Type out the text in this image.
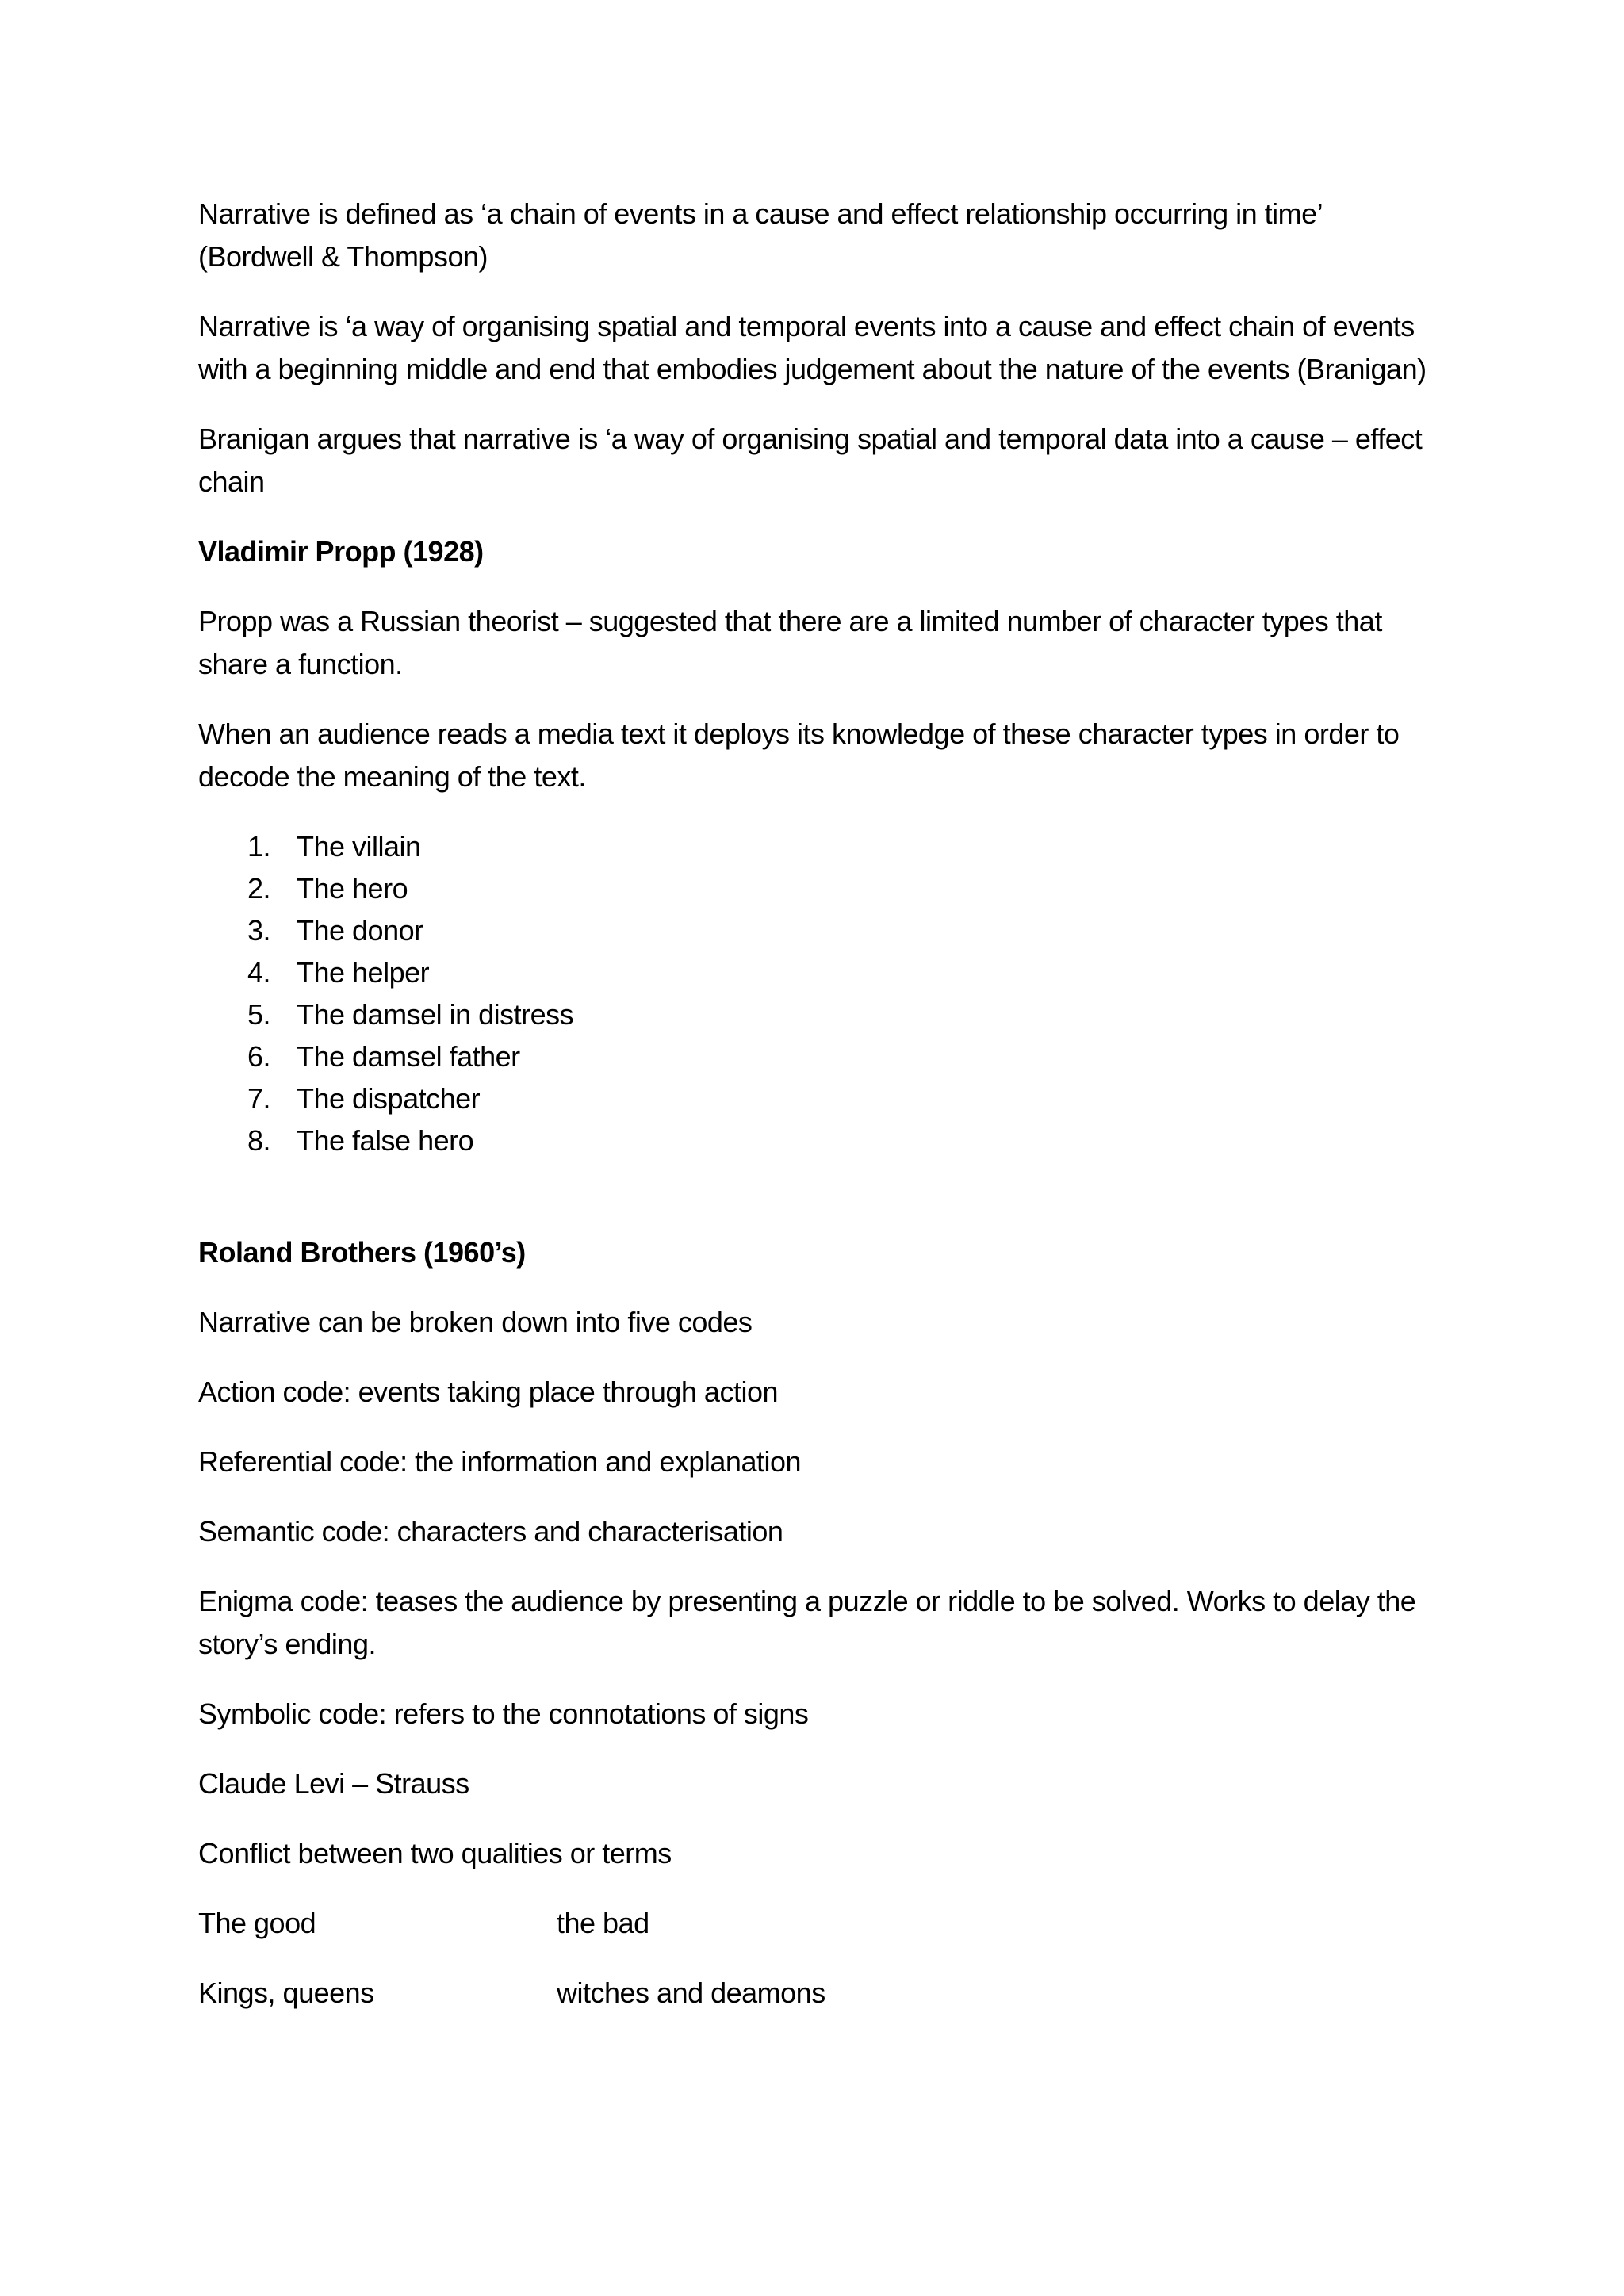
Narrative is defined as ‘a chain of events in a cause and effect relationship occurring in time’ (Bordwell & Thompson)

Narrative is ‘a way of organising spatial and temporal events into a cause and effect chain of events with a beginning middle and end that embodies judgement about the nature of the events (Branigan)

Branigan argues that narrative is ‘a way of organising spatial and temporal data into a cause – effect chain

Vladimir Propp (1928)

Propp was a Russian theorist – suggested that there are a limited number of character types that share a function.

When an audience reads a media text it deploys its knowledge of these character types in order to decode the meaning of the text.

1. The villain
2. The hero
3. The donor
4. The helper
5. The damsel in distress
6. The damsel father
7. The dispatcher
8. The false hero

Roland Brothers (1960’s)

Narrative can be broken down into five codes

Action code: events taking place through action

Referential code: the information and explanation

Semantic code: characters and characterisation

Enigma code: teases the audience by presenting a puzzle or riddle to be solved. Works to delay the story’s ending.

Symbolic code: refers to the connotations of signs

Claude Levi – Strauss

Conflict between two qualities or terms

The good	the bad
Kings, queens	witches and deamons
